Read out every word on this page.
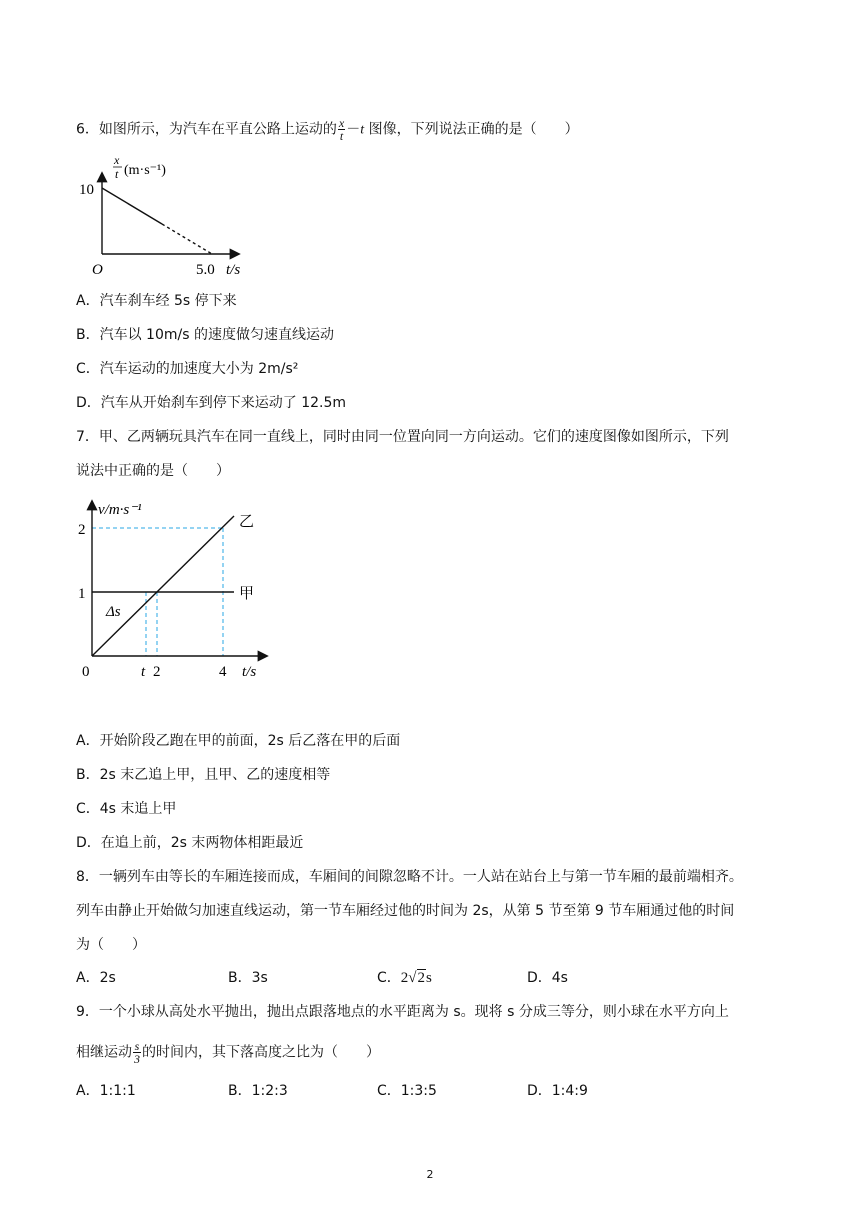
6．如图所示，为汽车在平直公路上运动的 $\frac{x}{t} -t$ 图像，下列说法正确的是（　　）
x
t (m·s⁻¹)
10
O	5.0 t/s
A．汽车刹车经 5s 停下来
B．汽车以 10m/s 的速度做匀速直线运动
C．汽车运动的加速度大小为 2m/s²
D．汽车从开始刹车到停下来运动了 12.5m
7．甲、乙两辆玩具汽车在同一直线上，同时由同一位置向同一方向运动。它们的速度图像如图所示，下列
说法中正确的是（　　）
v/m·s⁻¹
2
1
Δs
乙
甲
0	t 2	4 t/s
A．开始阶段乙跑在甲的前面，2s 后乙落在甲的后面
B．2s 末乙追上甲，且甲、乙的速度相等
C．4s 末追上甲
D．在追上前，2s 末两物体相距最近
8．一辆列车由等长的车厢连接而成，车厢间的间隙忽略不计。一人站在站台上与第一节车厢的最前端相齐。
列车由静止开始做匀加速直线运动，第一节车厢经过他的时间为 2s，从第 5 节至第 9 节车厢通过他的时间
为（　　）
A．2s	B．3s	C．2√2s	D．4s
9．一个小球从高处水平抛出，抛出点跟落地点的水平距离为 s。现将 s 分成三等分，则小球在水平方向上
相继运动 $\frac{s}{3}$ 的时间内，其下落高度之比为（　　）
A．1:1:1	B．1:2:3	C．1:3:5	D．1:4:9
2
